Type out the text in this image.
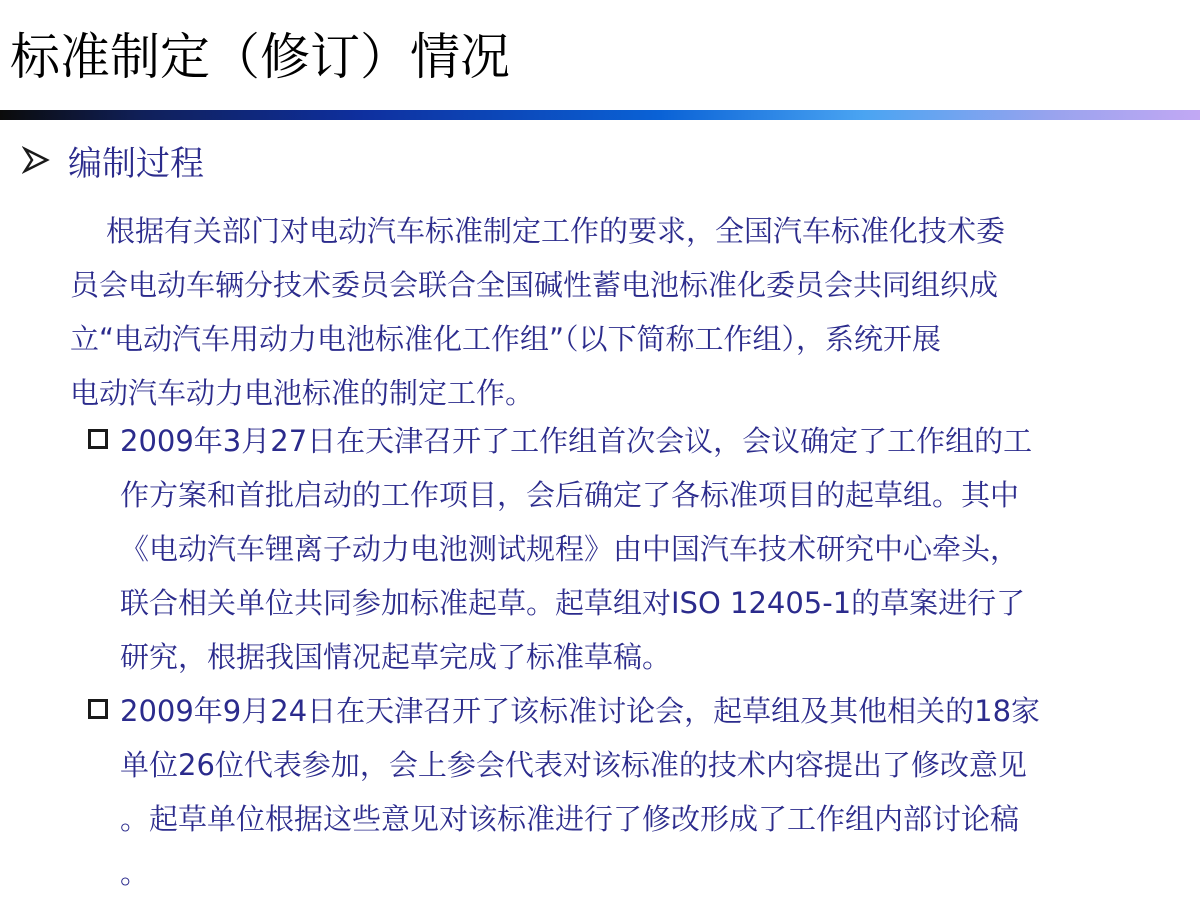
标准制定（修订）情况
编制过程

根据有关部门对电动汽车标准制定工作的要求，全国汽车标准化技术委
员会电动车辆分技术委员会联合全国碱性蓄电池标准化委员会共同组织成
立“电动汽车用动力电池标准化工作组”（以下简称工作组），系统开展
电动汽车动力电池标准的制定工作。

2009年3月27日在天津召开了工作组首次会议，会议确定了工作组的工
作方案和首批启动的工作项目，会后确定了各标准项目的起草组。其中
《电动汽车锂离子动力电池测试规程》由中国汽车技术研究中心牵头，
联合相关单位共同参加标准起草。起草组对ISO 12405-1的草案进行了
研究，根据我国情况起草完成了标准草稿。

2009年9月24日在天津召开了该标准讨论会，起草组及其他相关的18家
单位26位代表参加，会上参会代表对该标准的技术内容提出了修改意见
。起草单位根据这些意见对该标准进行了修改形成了工作组内部讨论稿
。
